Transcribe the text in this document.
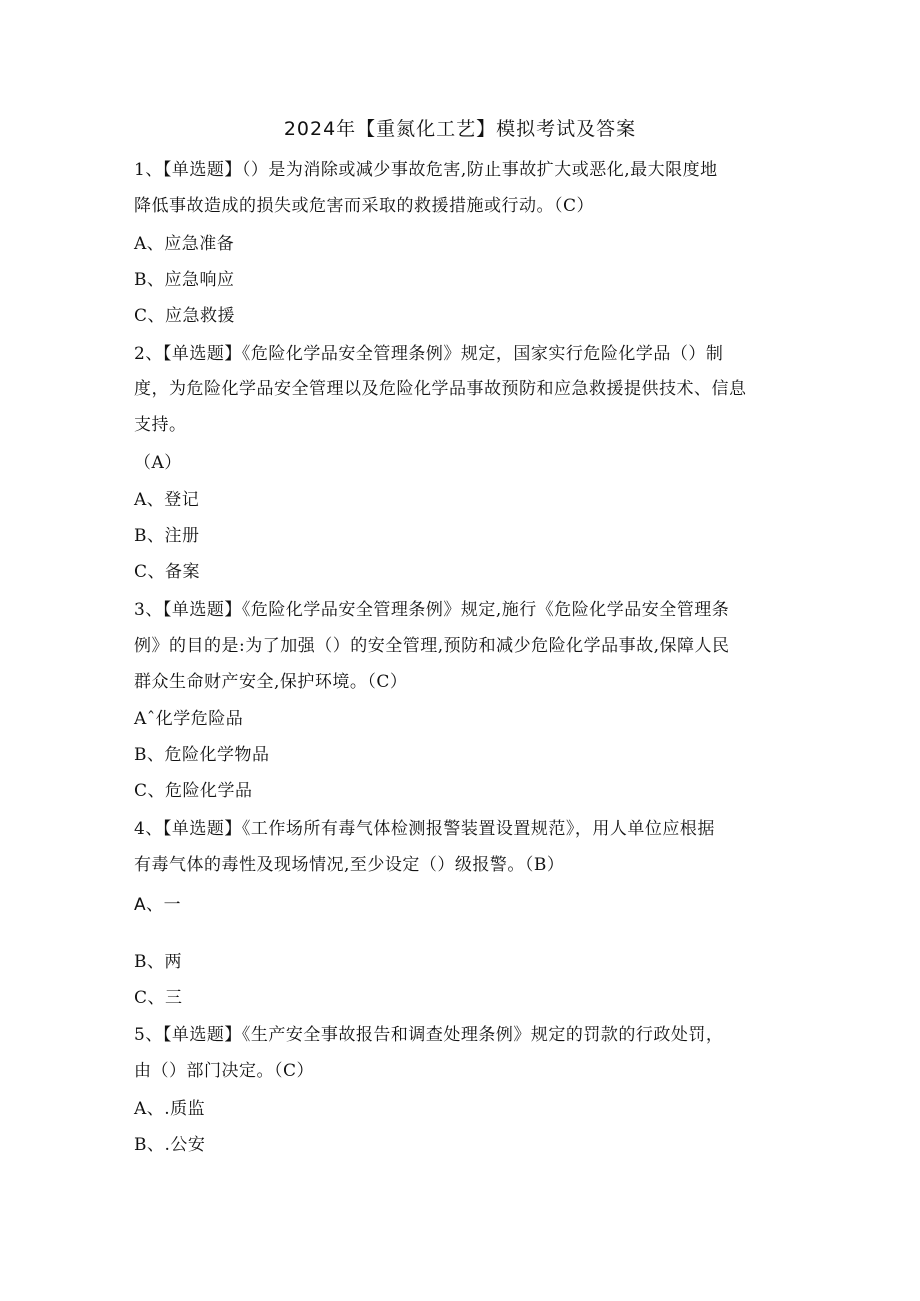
2024年【重氮化工艺】模拟考试及答案
1、【单选题】（）是为消除或减少事故危害,防止事故扩大或恶化,最大限度地
降低事故造成的损失或危害而采取的救援措施或行动。（C）
A、应急准备
B、应急响应
C、应急救援
2、【单选题】《危险化学品安全管理条例》规定，国家实行危险化学品（）制
度，为危险化学品安全管理以及危险化学品事故预防和应急救援提供技术、信息
支持。
（A）
A、登记
B、注册
C、备案
3、【单选题】《危险化学品安全管理条例》规定,施行《危险化学品安全管理条
例》的目的是:为了加强（）的安全管理,预防和减少危险化学品事故,保障人民
群众生命财产安全,保护环境。（C）
Aˆ化学危险品
B、危险化学物品
C、危险化学品
4、【单选题】《工作场所有毒气体检测报警装置设置规范》，用人单位应根据
有毒气体的毒性及现场情况,至少设定（）级报警。（B）
A、一
B、两
C、三
5、【单选题】《生产安全事故报告和调查处理条例》规定的罚款的行政处罚，
由（）部门决定。（C）
A、.质监
B、.公安
